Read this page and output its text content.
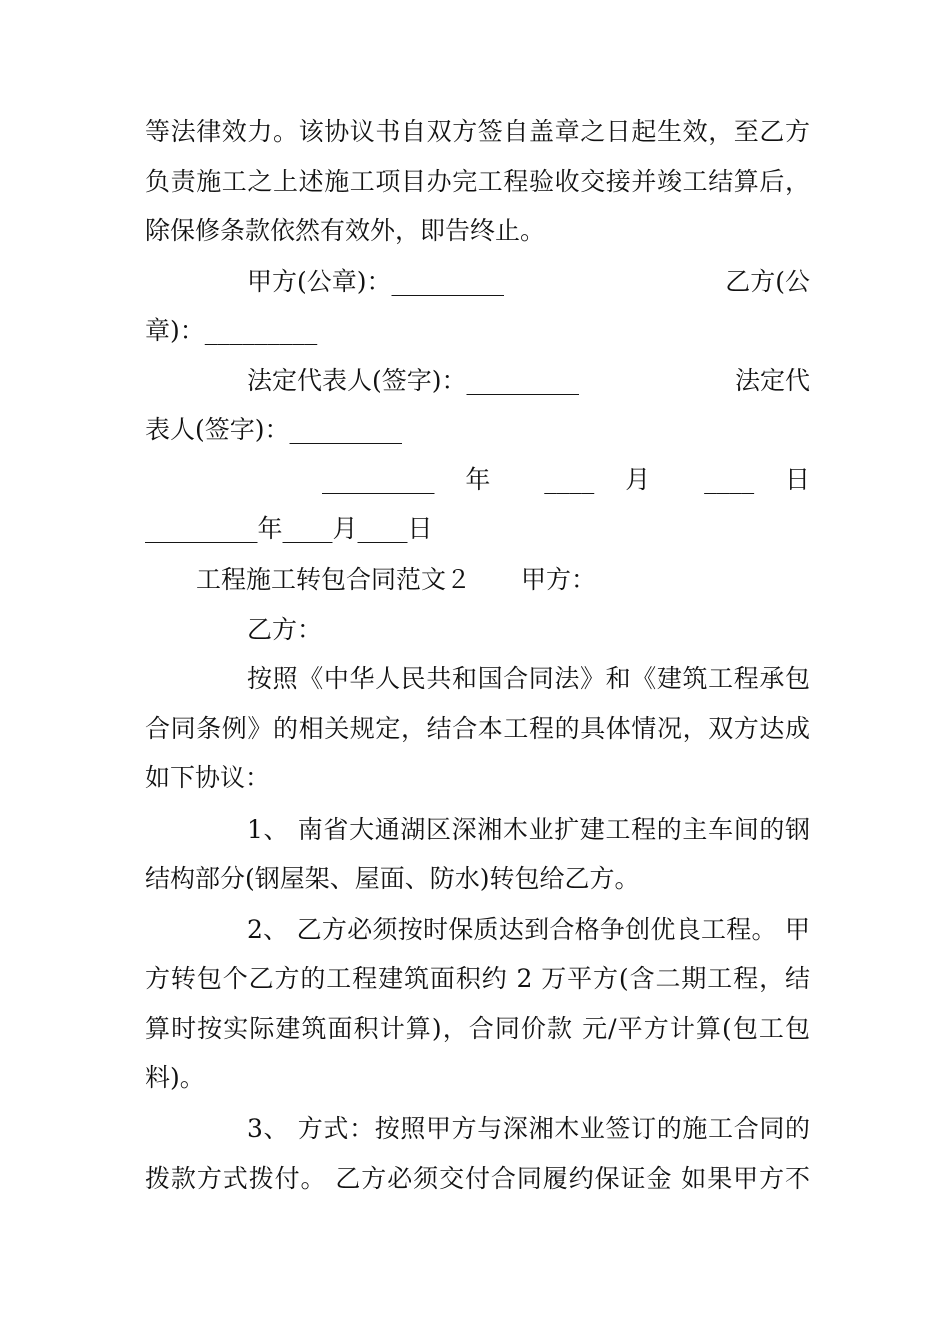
等法律效力。该协议书自双方签自盖章之日起生效，至乙方
负责施工之上述施工项目办完工程验收交接并竣工结算后，
除保修条款依然有效外，即告终止。
甲方(公章)：_________	乙方(公
章)：_________
法定代表人(签字)：_________	法定代
表人(签字)：_________
_________ 年 ____ 月 ____ 日
_________年____月____日
工程施工转包合同范文２　　甲方：
乙方：
按照《中华人民共和国合同法》和《建筑工程承包
合同条例》的相关规定，结合本工程的具体情况，双方达成
如下协议：
1、 南省大通湖区深湘木业扩建工程的主车间的钢
结构部分(钢屋架、屋面、防水)转包给乙方。
2、 乙方必须按时保质达到合格争创优良工程。 甲
方转包个乙方的工程建筑面积约 2 万平方(含二期工程，结
算时按实际建筑面积计算)，合同价款 元/平方计算(包工包
料)。
3、 方式：按照甲方与深湘木业签订的施工合同的
拨款方式拨付。 乙方必须交付合同履约保证金 如果甲方不
